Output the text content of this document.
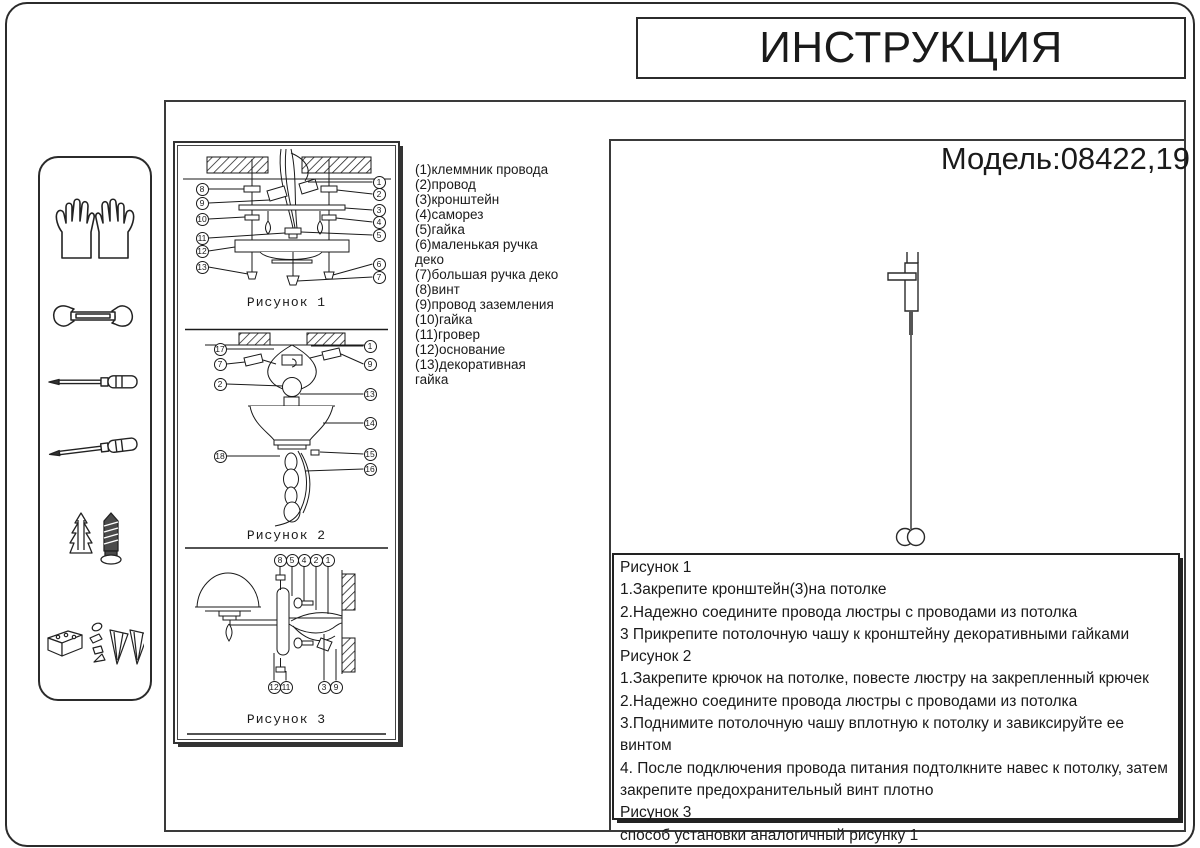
ИНСТРУКЦИЯ
Модель:08422,19
Рисунок 1
8
9
10
11
12
13
1
2
3
4
5
6
7
Рисунок 2
17
7
2
18
1
9
13
14
15
16
Рисунок 3
8 5 4 2 1
12 11	3 9
(1)клеммник провода
(2)провод
(3)кронштейн
(4)саморез
(5)гайка
(6)маленькая ручка
деко
(7)большая ручка деко
(8)винт
(9)провод заземления
(10)гайка
(11)гровер
(12)основание
(13)декоративная
гайка
Рисунок 1
1.Закрепите кронштейн(3)на потолке
2.Надежно соедините провода люстры с проводами из потолка
3 Прикрепите потолочную чашу к кронштейну декоративными гайками
Рисунок 2
1.Закрепите крючок на потолке, повесте люстру на закрепленный крючек
2.Надежно соедините провода люстры с проводами из потолка
3.Поднимите потолочную чашу вплотную к потолку и завиксируйте ее винтом
4. После подключения провода питания подтолкните навес к потолку, затем закрепите предохранительный винт плотно
Рисунок 3
способ установки аналогичный рисунку 1
